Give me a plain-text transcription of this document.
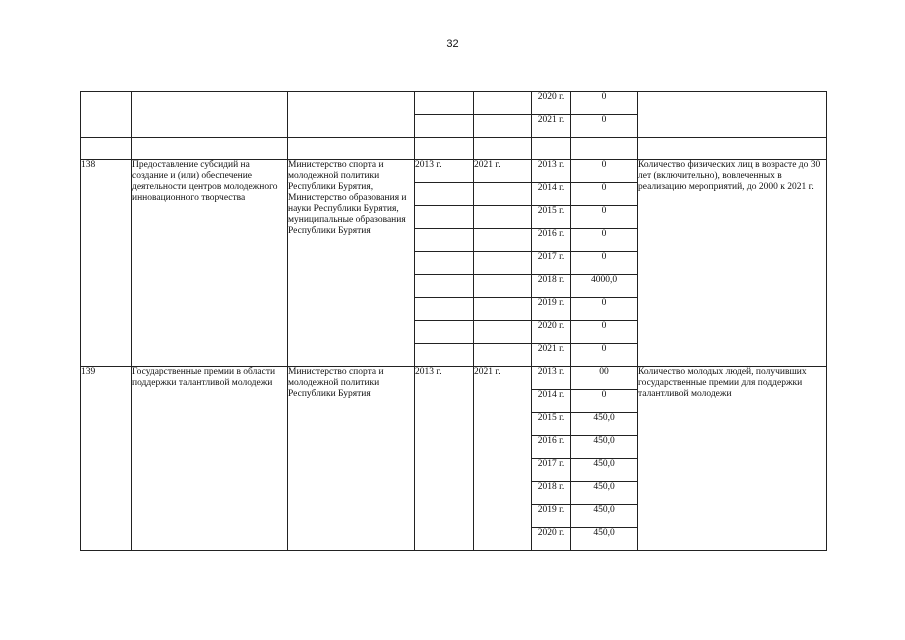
32
					2020 г.	0	
					2021 г.	0	

138	Предоставление субсидий на создание и (или) обеспечение деятельности центров молодежного инновационного творчества	Министерство спорта и молодежной политики Республики Бурятия, Министерство образования и науки Республики Бурятия, муниципальные образования Республики Бурятия	2013 г.	2021 г.	2013 г.	0	Количество физических лиц в возрасте до 30 лет (включительно), вовлеченных в реализацию мероприятий, до 2000 к 2021 г.
					2014 г.	0	
					2015 г.	0	
					2016 г.	0	
					2017 г.	0	
					2018 г.	4000,0	
					2019 г.	0	
					2020 г.	0	
					2021 г.	0	
139	Государственные премии в области поддержки талантливой молодежи	Министерство спорта и молодежной политики Республики Бурятия	2013 г.	2021 г.	2013 г.	00	Количество молодых людей, получивших государственные премии для поддержки талантливой молодежи
					2014 г.	0	
					2015 г.	450,0	
					2016 г.	450,0	
					2017 г.	450,0	
					2018 г.	450,0	
					2019 г.	450,0	
					2020 г.	450,0	
